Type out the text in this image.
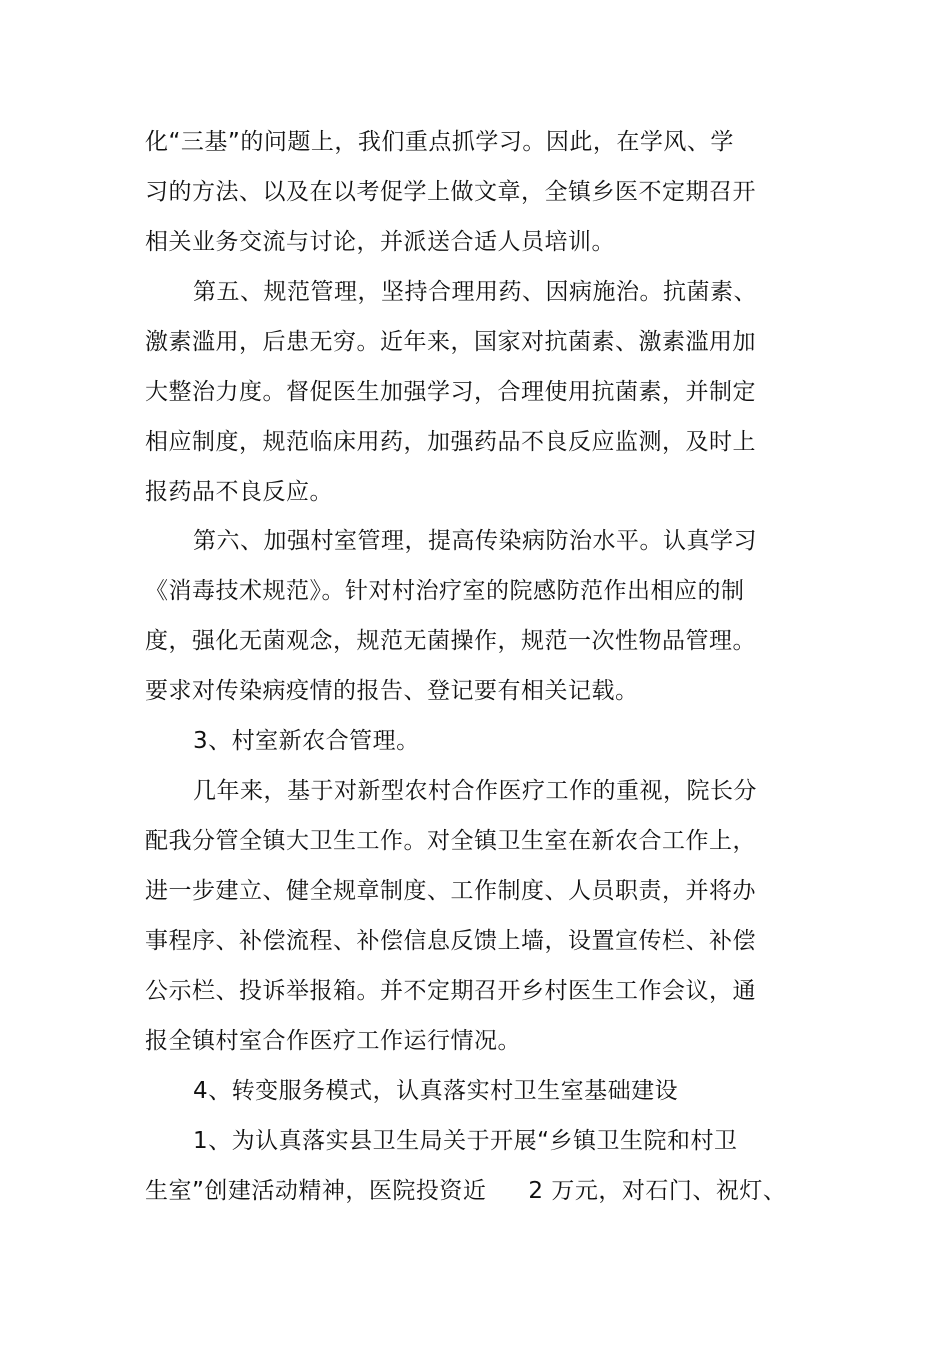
化“三基”的问题上，我们重点抓学习。因此，在学风、学
习的方法、以及在以考促学上做文章，全镇乡医不定期召开
相关业务交流与讨论，并派送合适人员培训。
第五、规范管理，坚持合理用药、因病施治。抗菌素、
激素滥用，后患无穷。近年来，国家对抗菌素、激素滥用加
大整治力度。督促医生加强学习，合理使用抗菌素，并制定
相应制度，规范临床用药，加强药品不良反应监测，及时上
报药品不良反应。
第六、加强村室管理，提高传染病防治水平。认真学习
《消毒技术规范》。针对村治疗室的院感防范作出相应的制
度，强化无菌观念，规范无菌操作，规范一次性物品管理。
要求对传染病疫情的报告、登记要有相关记载。
3、村室新农合管理。
几年来，基于对新型农村合作医疗工作的重视，院长分
配我分管全镇大卫生工作。对全镇卫生室在新农合工作上，
进一步建立、健全规章制度、工作制度、人员职责，并将办
事程序、补偿流程、补偿信息反馈上墙，设置宣传栏、补偿
公示栏、投诉举报箱。并不定期召开乡村医生工作会议，通
报全镇村室合作医疗工作运行情况。
4、转变服务模式，认真落实村卫生室基础建设
1、为认真落实县卫生局关于开展“乡镇卫生院和村卫
生室”创建活动精神，医院投资近 2 万元，对石门、祝灯、
